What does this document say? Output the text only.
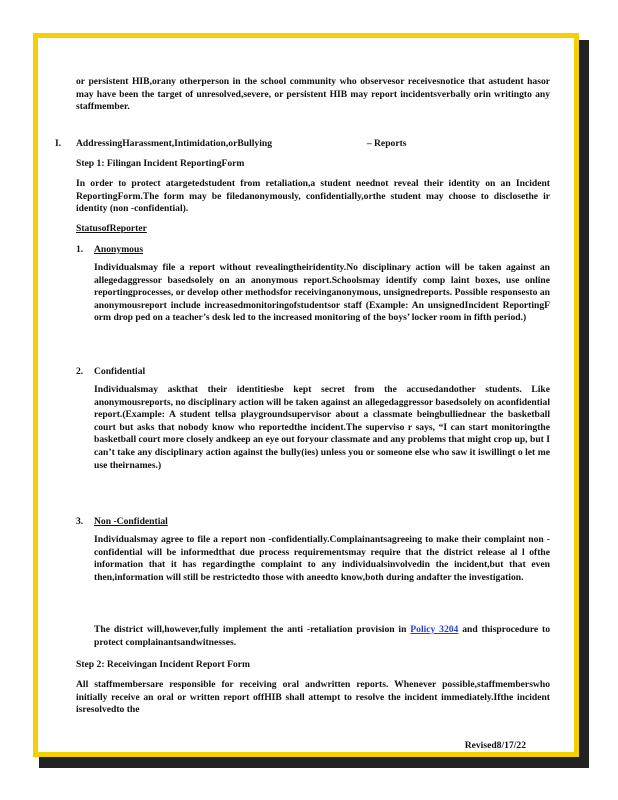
or persistent HIB,orany otherperson in the school community who observesor receivesnotice that astudent hasor may have been the target of unresolved,severe, or persistent HIB may report incidentsverbally orin writingto any staffmember.

I. AddressingHarassment,Intimidation,orBullying	– Reports
Step 1: Filingan Incident ReportingForm

In order to protect atargetedstudent from retaliation,a student neednot reveal their identity on an Incident ReportingForm.The form may be filedanonymously, confidentially,orthe student may choose to disclosethe ir identity (non -confidential).

StatusofReporter
1. Anonymous

Individualsmay file a report without revealingtheiridentity.No disciplinary action will be taken against an allegedaggressor basedsolely on an anonymous report.Schoolsmay identify comp laint boxes, use online reportingprocesses, or develop other methodsfor receivinganonymous, unsignedreports. Possible responsesto an anonymousreport include increasedmonitoringofstudentsor staff (Example: An unsignedIncident ReportingF orm drop ped on a teacher’s desk led to the increased monitoring of the boys’ locker room in fifth period.)

2. Confidential

Individualsmay askthat their identitiesbe kept secret from the accusedandother students. Like anonymousreports, no disciplinary action will be taken against an allegedaggressor basedsolely on aconfidential report.(Example: A student tellsa playgroundsupervisor about a classmate beingbulliednear the basketball court but asks that nobody know who reportedthe incident.The superviso r says, “I can start monitoringthe basketball court more closely andkeep an eye out foryour classmate and any problems that might crop up, but I can’t take any disciplinary action against the bully(ies) unless you or someone else who saw it iswillingt o let me use theirnames.)

3. Non -Confidential

Individualsmay agree to file a report non -confidentially.Complainantsagreeing to make their complaint non -confidential will be informedthat due process requirementsmay require that the district release al l ofthe information that it has regardingthe complaint to any individualsinvolvedin the incident,but that even then,information will still be restrictedto those with aneedto know,both during andafter the investigation.

The district will,however,fully implement the anti -retaliation provision in Policy 3204 and thisprocedure to protect complainantsandwitnesses.

Step 2: Receivingan Incident Report Form

All staffmembersare responsible for receiving oral andwritten reports. Whenever possible,staffmemberswho initially receive an oral or written report offHIB shall attempt to resolve the incident immediately.Ifthe incident isresolvedto the

Revised8/17/22
